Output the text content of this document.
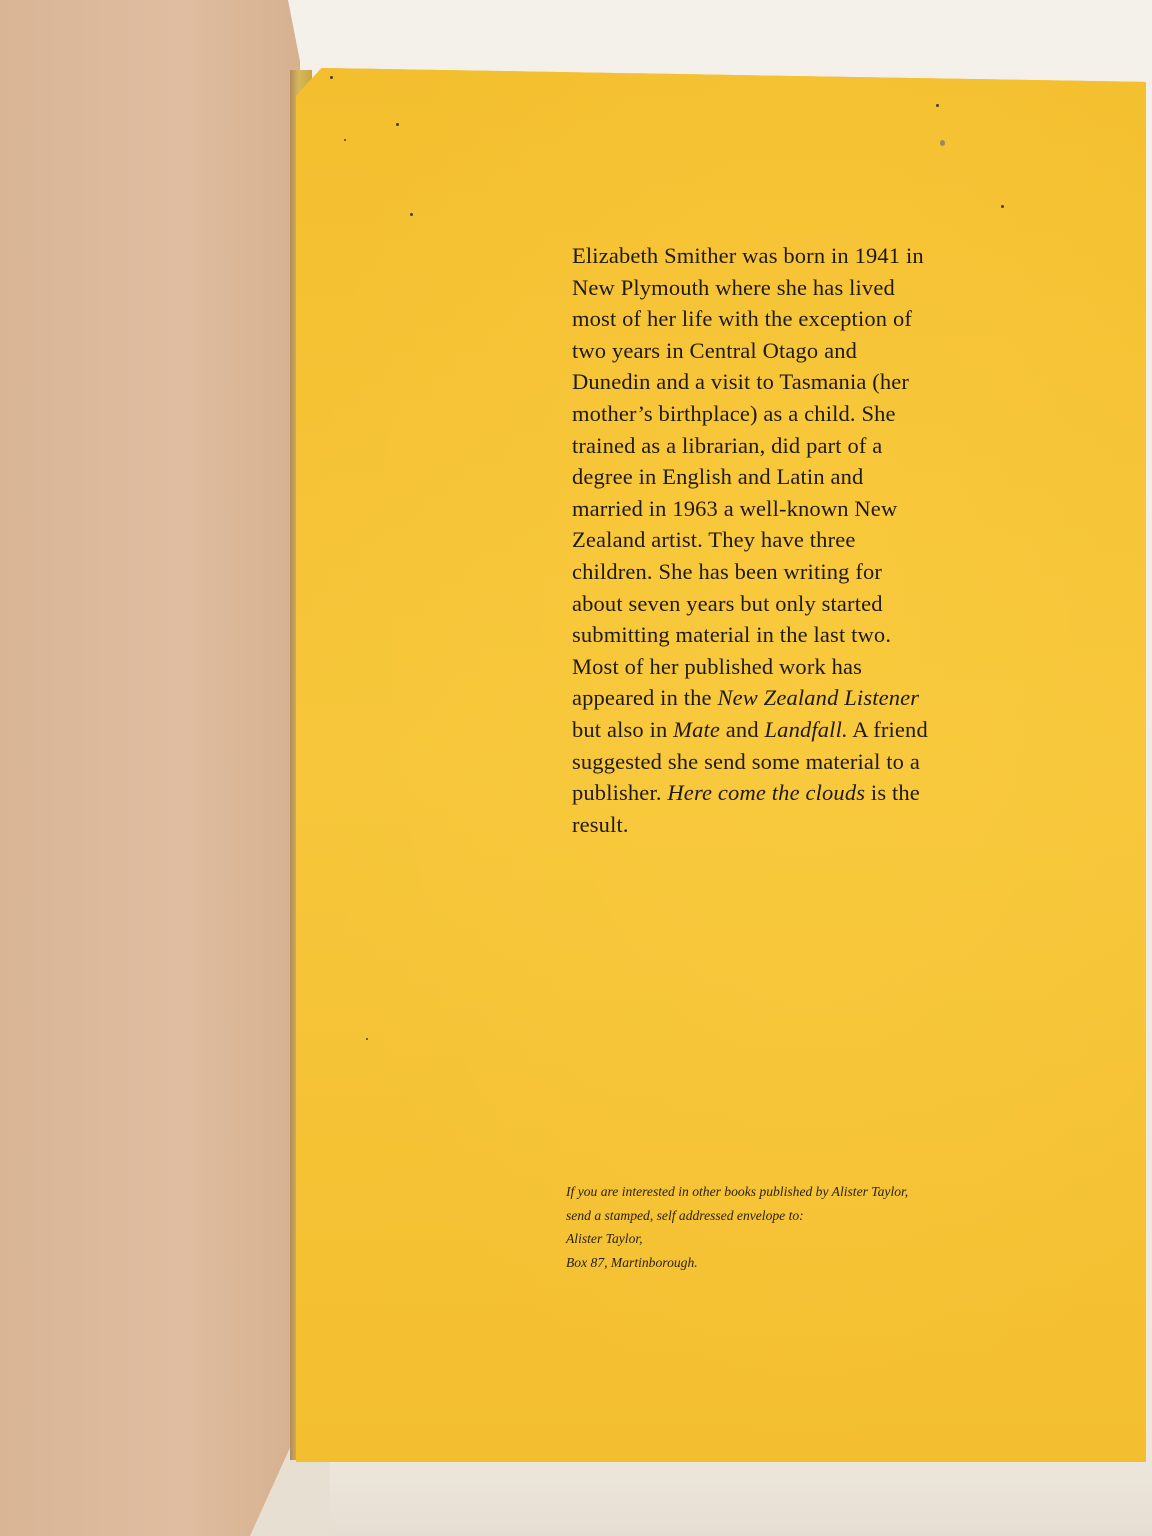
Elizabeth Smither was born in 1941 in
New Plymouth where she has lived
most of her life with the exception of
two years in Central Otago and
Dunedin and a visit to Tasmania (her
mother’s birthplace) as a child. She
trained as a librarian, did part of a
degree in English and Latin and
married in 1963 a well-known New
Zealand artist. They have three
children. She has been writing for
about seven years but only started
submitting material in the last two.
Most of her published work has
appeared in the New Zealand Listener
but also in Mate and Landfall. A friend
suggested she send some material to a
publisher. Here come the clouds is the
result.
If you are interested in other books published by Alister Taylor,
send a stamped, self addressed envelope to:
Alister Taylor,
Box 87, Martinborough.
